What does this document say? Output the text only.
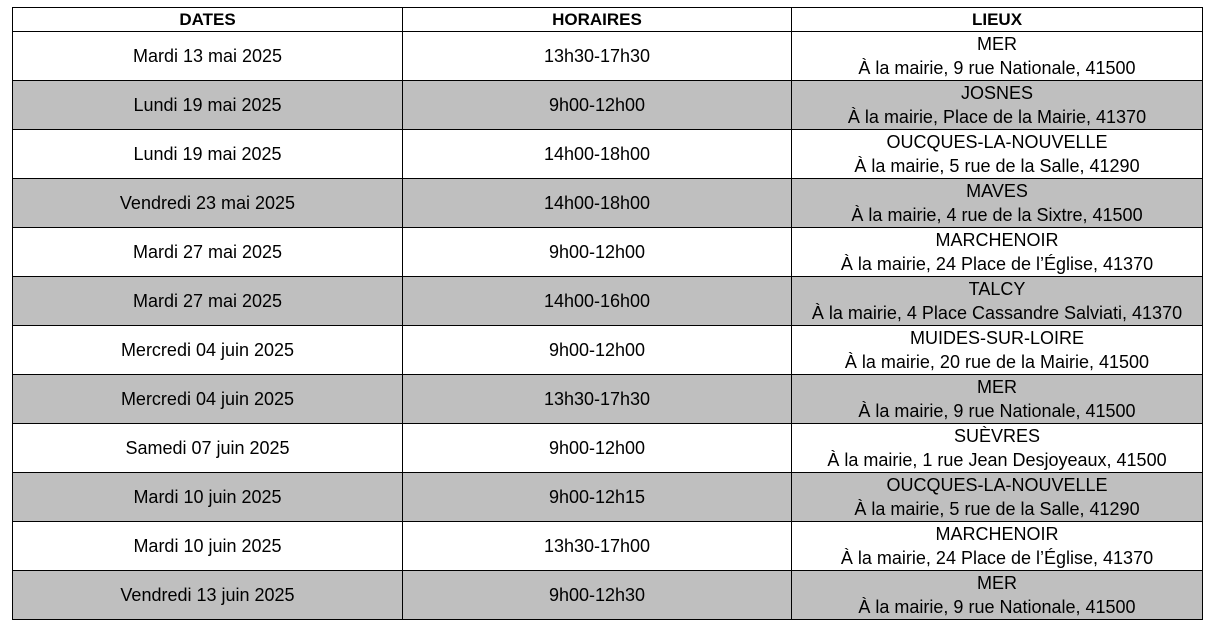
DATES	HORAIRES	LIEUX
Mardi 13 mai 2025	13h30-17h30	MER
À la mairie, 9 rue Nationale, 41500

Lundi 19 mai 2025	9h00-12h00	JOSNES
À la mairie, Place de la Mairie, 41370

Lundi 19 mai 2025	14h00-18h00	OUCQUES-LA-NOUVELLE
À la mairie, 5 rue de la Salle, 41290

Vendredi 23 mai 2025	14h00-18h00	MAVES
À la mairie, 4 rue de la Sixtre, 41500

Mardi 27 mai 2025	9h00-12h00	MARCHENOIR
À la mairie, 24 Place de l’Église, 41370

Mardi 27 mai 2025	14h00-16h00	TALCY
À la mairie, 4 Place Cassandre Salviati, 41370

Mercredi 04 juin 2025	9h00-12h00	MUIDES-SUR-LOIRE
À la mairie, 20 rue de la Mairie, 41500

Mercredi 04 juin 2025	13h30-17h30	MER
À la mairie, 9 rue Nationale, 41500

Samedi 07 juin 2025	9h00-12h00	SUÈVRES
À la mairie, 1 rue Jean Desjoyeaux, 41500

Mardi 10 juin 2025	9h00-12h15	OUCQUES-LA-NOUVELLE
À la mairie, 5 rue de la Salle, 41290

Mardi 10 juin 2025	13h30-17h00	MARCHENOIR
À la mairie, 24 Place de l’Église, 41370

Vendredi 13 juin 2025	9h00-12h30	MER
À la mairie, 9 rue Nationale, 41500
